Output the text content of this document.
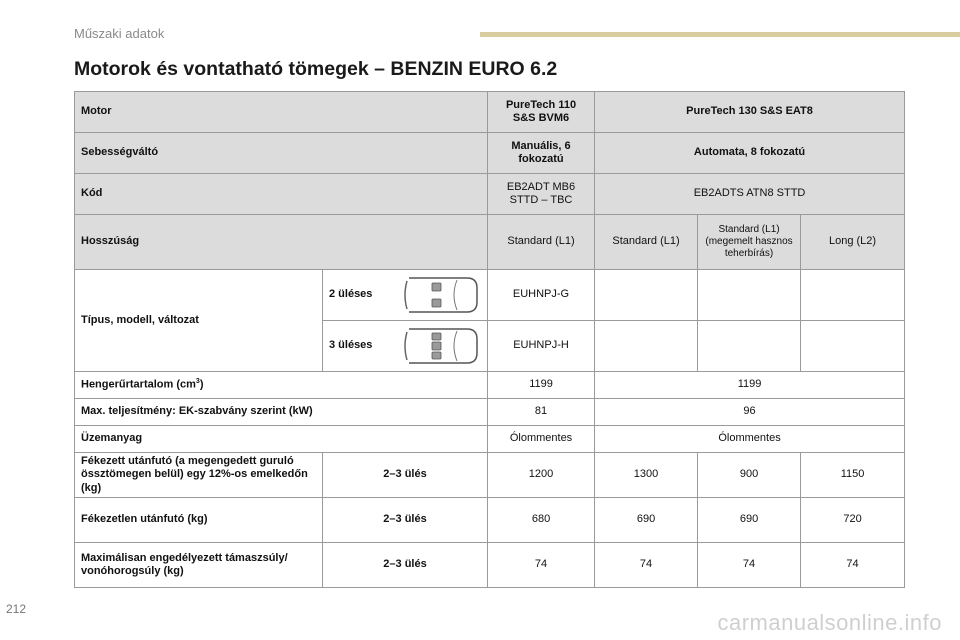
Műszaki adatok
Motorok és vontatható tömegek – BENZIN EURO 6.2
Motor		PureTech 110 S&S BVM6	PureTech 130 S&S EAT8		
Sebességváltó		Manuális, 6 fokozatú	Automata, 8 fokozatú		
Kód		EB2ADT MB6 STTD – TBC	EB2ADTS ATN8 STTD		
Hosszúság		Standard (L1)	Standard (L1)	Standard (L1) (megemelt hasznos teherbírás)	Long (L2)
Típus, modell, változat	2 üléses	EUHNPJ-G			

	3 üléses	EUHNPJ-H			
Hengerűrtartalom $(cm^3)$		1199	1199		
Max. teljesítmény: EK-szabvány szerint (kW)		81	96		
Üzemanyag		Ólommentes	Ólommentes		
Fékezett utánfutó (a megengedett guruló össztömegen belül) egy 12%-os emelkedőn (kg)	2–3 ülés	1200	1300	900	1150
Fékezetlen utánfutó (kg)	2–3 ülés	680	690	690	720
Maximálisan engedélyezett támaszsúly/ vonóhorogsúly (kg)	2–3 ülés	74	74	74	74
212
carmanualsonline.info
